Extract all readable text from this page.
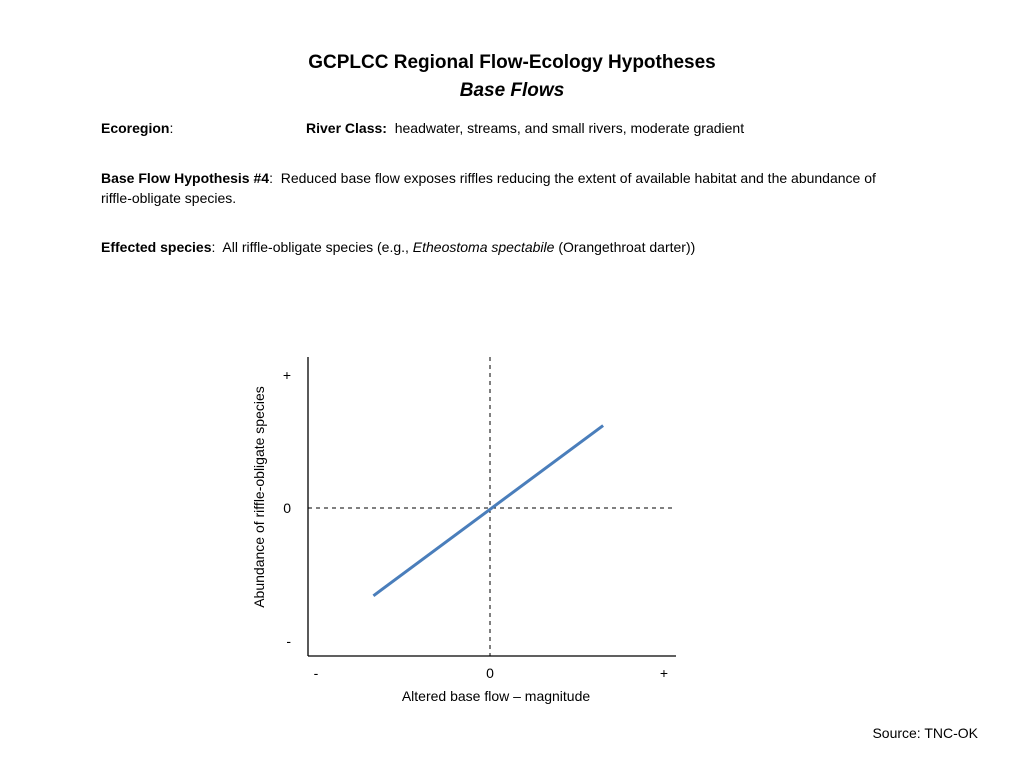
GCPLCC Regional Flow-Ecology Hypotheses
Base Flows
Ecoregion:	River Class: headwater, streams, and small rivers, moderate gradient
Base Flow Hypothesis #4: Reduced base flow exposes riffles reducing the extent of available habitat and the abundance of riffle-obligate species.
Effected species: All riffle-obligate species (e.g., Etheostoma spectabile (Orangethroat darter))
-	0	+
+
0
-
Abundance of riffle-obligate species
Altered base flow – magnitude
Source: TNC-OK
